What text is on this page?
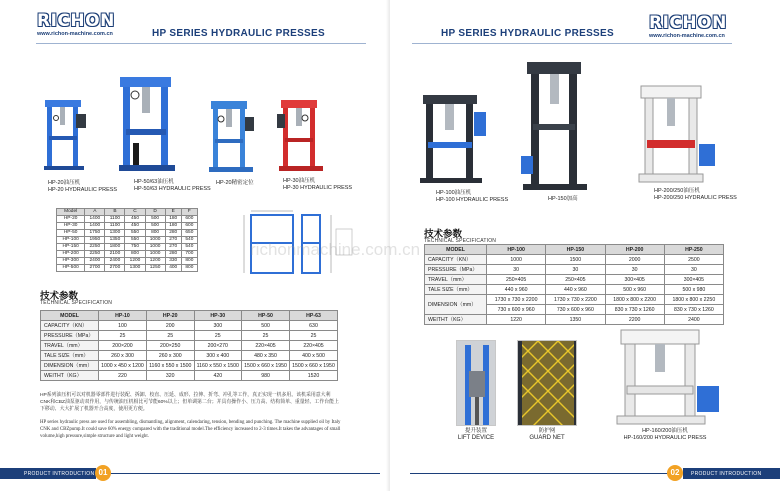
RICHON
www.richon-machine.com.cn	HP SERIES HYDRAULIC PRESSES
HP-20油压机
HP-20 HYDRAULIC PRESS
HP-50/63油压机
HP-50/63 HYDRAULIC PRESS
HP-20精密定位	HP-30油压机
HP-30 HYDRAULIC PRESS
Model	A	B	C	D	E	F
HP-20	1400	1100	450	500	180	600
HP-30	1400	1100	450	500	180	600
HP-50	1750	1300	550	800	280	650
HP-100	1950	1350	550	1000	270	540
HP-150	2250	1800	750	1000	270	540
HP-200	2250	2100	800	1000	280	700
HP-300	2400	2400	1200	1200	330	800
HP-500	2700	2700	1300	1250	400	800
技术参数
TECHNICAL SPECIFICATION
MODEL	HP-10	HP-20	HP-30	HP-50	HP-63
CAPACITY（KN）	100	200	300	500	630
PRESSURE（MPa）	25	25	25	25	25
TRAVEL（mm）	200×200	200×250	200×270	220×405	220×405
TALE SIZE（mm）	260 x 300	260 x 300	300 x 400	480 x 350	400 x 500
DIMENSION（mm）	1000 x 450 x 1200	1160 x 550 x 1500	1160 x 550 x 1500	1500 x 660 x 1950	1500 x 660 x 1950
WEITHT（KG）	220	320	420	980	1520
HP系列油压机可以对机器零部件进行装配、拆卸、校直、压延、成形、拉伸、折弯、冲孔等工作，真正实现一机多用。该机采用意大利CNK和CBZ油泵驱动双作用，与传统油压机相比可节能60%以上；但单调第二台；并具有操作小、压力高、结构简单、重量轻、工作台能上下移动、大大扩展了机器开合高度，使用更方便。
HP series hydraulic press are used for assembling, dismantling, alignment, calendaring, tension, bending and punching. The machine supplied oil by Italy CNK and CBZpump.It could save 60% energy compared with the traditional model.The efficiency increased to 2-3 times.It takes the advantages of small volume,high pressure,simple structure and light weight.
PRODUCT INTRODUCTION 01
HP SERIES HYDRAULIC PRESSES
RICHON
www.richon-machine.com.cn
HP-100油压机
HP-100 HYDRAULIC PRESS	HP-150加高
HP-200/250油压机
HP-200/250 HYDRAULIC PRESS
richonmachine.com.cn
技术参数
TECHNICAL SPECIFICATION
MODEL	HP-100	HP-150	HP-200	HP-250
CAPACITY（KN）	1000	1500	2000	2500
PRESSURE（MPa）	30	30	30	30
TRAVEL（mm）	250×405	250×405	300×405	300×405
TALE SIZE（mm）	440 x 960	440 x 960	500 x 960	500 x 980
DIMENSION（mm）	1730 x 730 x 2200	1730 x 730 x 2200	1800 x 800 x 2200	1800 x 800 x 2250
	730 x 600 x 960	730 x 600 x 960	830 x 730 x 1260	830 x 730 x 1260
WEITHT（KG）	1220	1350	2200	2400
提升装置
LIFT DEVICE
防护网
GUARD NET
HP-160/200油压机
HP-160/200 HYDRAULIC PRESS
02	PRODUCT INTRODUCTION
